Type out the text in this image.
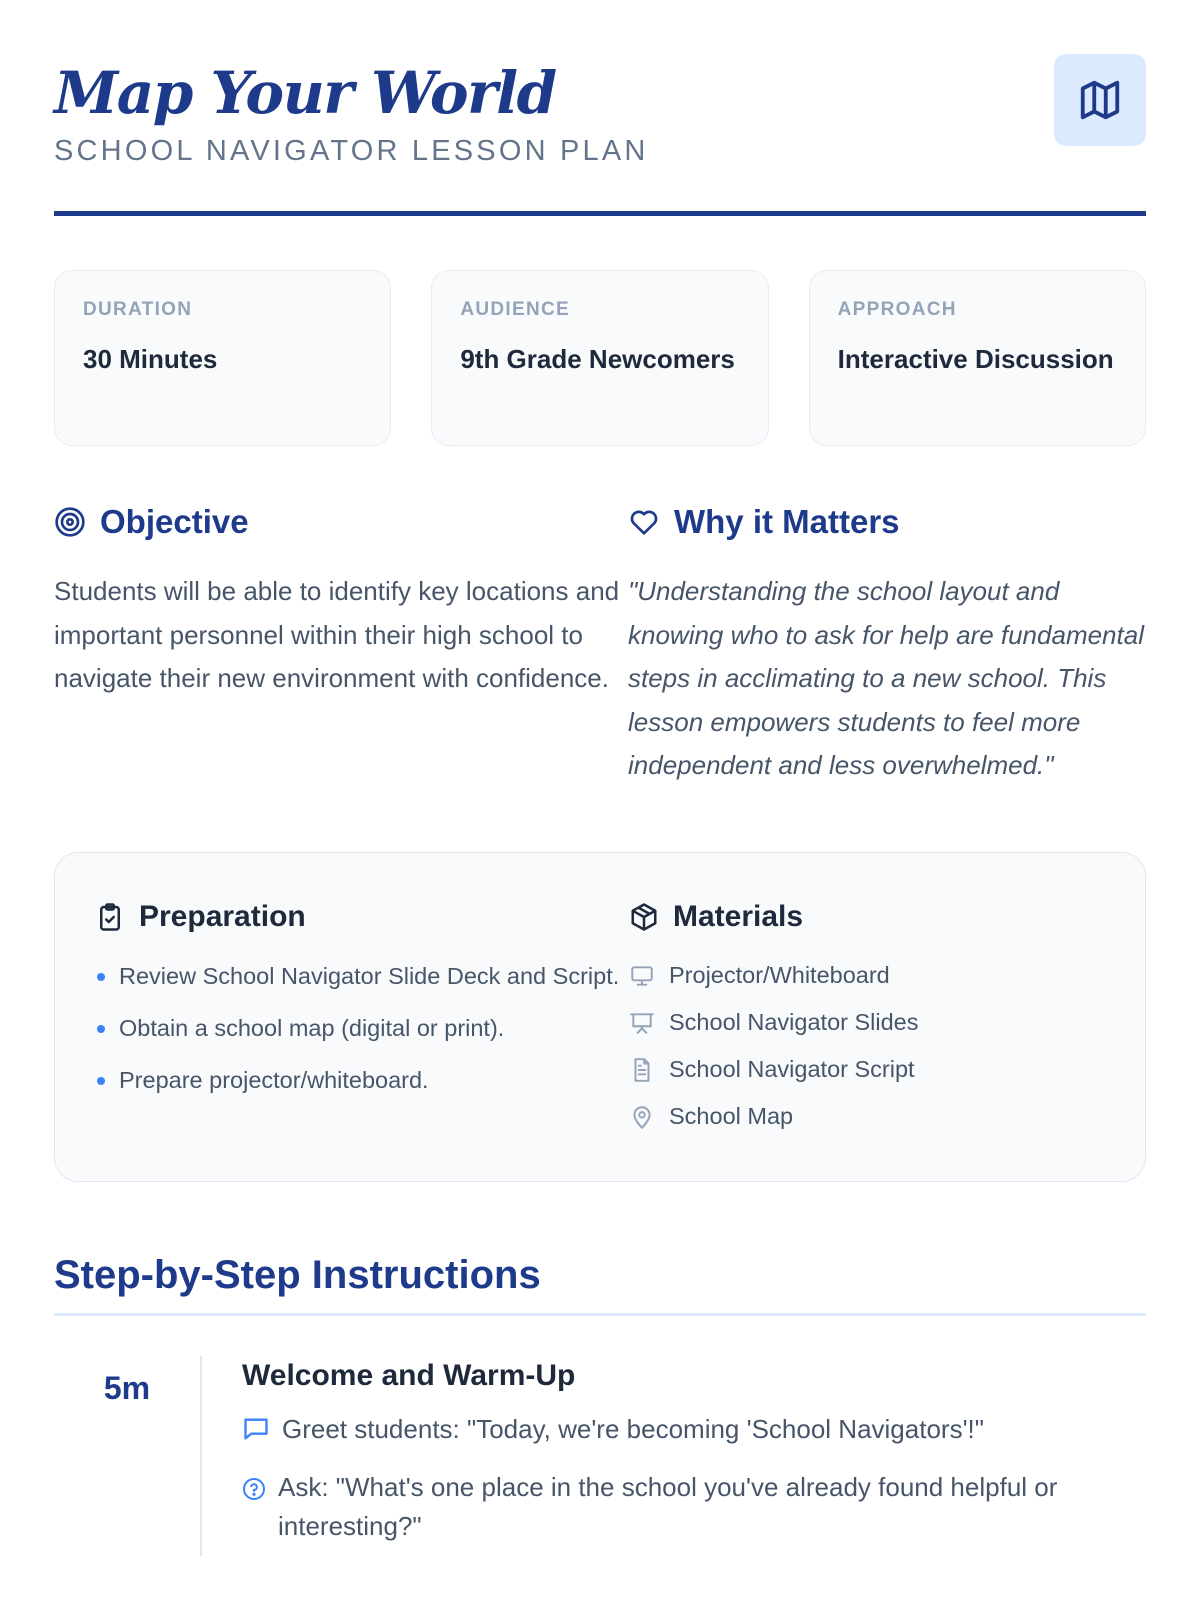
Map Your World
SCHOOL NAVIGATOR LESSON PLAN
DURATION
30 Minutes
AUDIENCE
9th Grade Newcomers
APPROACH
Interactive Discussion
Objective
Students will be able to identify key locations and important personnel within their high school to navigate their new environment with confidence.
Why it Matters
"Understanding the school layout and knowing who to ask for help are fundamental steps in acclimating to a new school. This lesson empowers students to feel more independent and less overwhelmed."
Preparation
Review School Navigator Slide Deck and Script.
Obtain a school map (digital or print).
Prepare projector/whiteboard.
Materials
Projector/Whiteboard
School Navigator Slides
School Navigator Script
School Map
Step-by-Step Instructions
5m	Welcome and Warm-Up
Greet students: "Today, we're becoming 'School Navigators'!"
Ask: "What's one place in the school you've already found helpful or interesting?"
